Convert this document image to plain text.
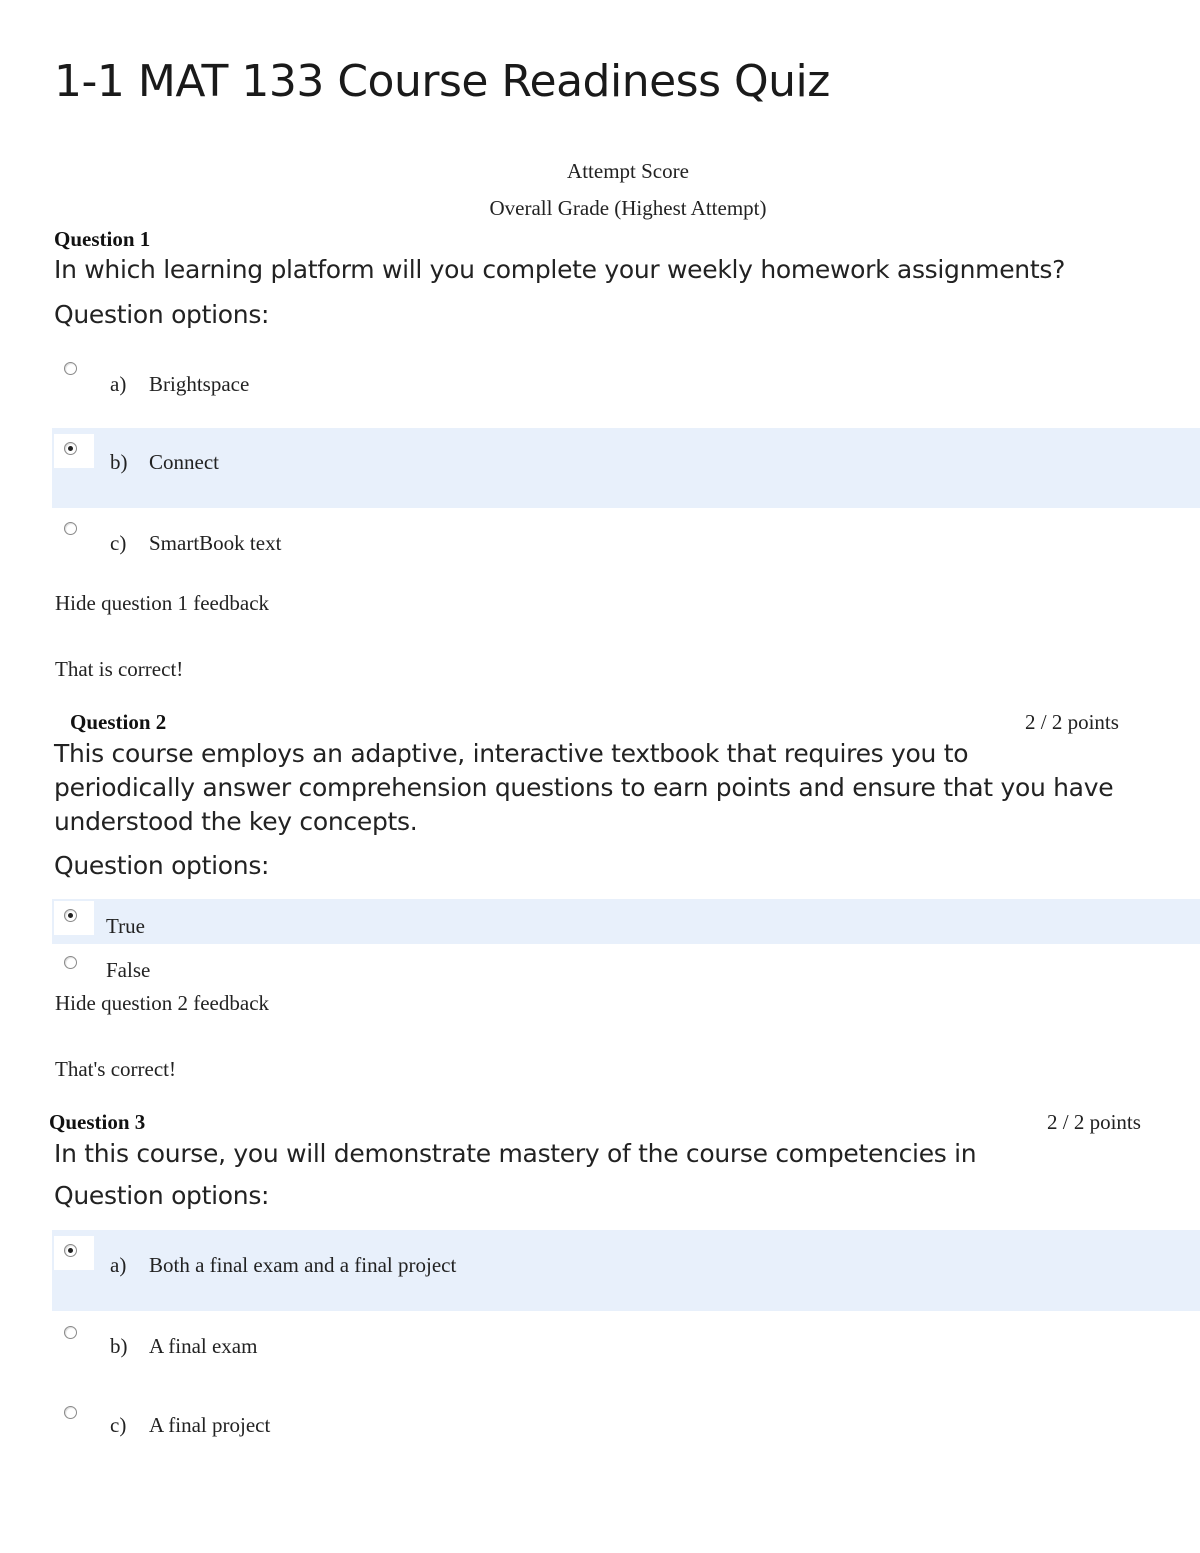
1-1 MAT 133 Course Readiness Quiz
Attempt Score
Overall Grade (Highest Attempt)
Question 1
In which learning platform will you complete your weekly homework assignments?
Question options:
a) Brightspace
b) Connect
c) SmartBook text
Hide question 1 feedback
That is correct!
Question 2	2 / 2 points
This course employs an adaptive, interactive textbook that requires you to periodically answer comprehension questions to earn points and ensure that you have understood the key concepts.
Question options:
True
False
Hide question 2 feedback
That's correct!
Question 3	2 / 2 points
In this course, you will demonstrate mastery of the course competencies in
Question options:
a) Both a final exam and a final project
b) A final exam
c) A final project
